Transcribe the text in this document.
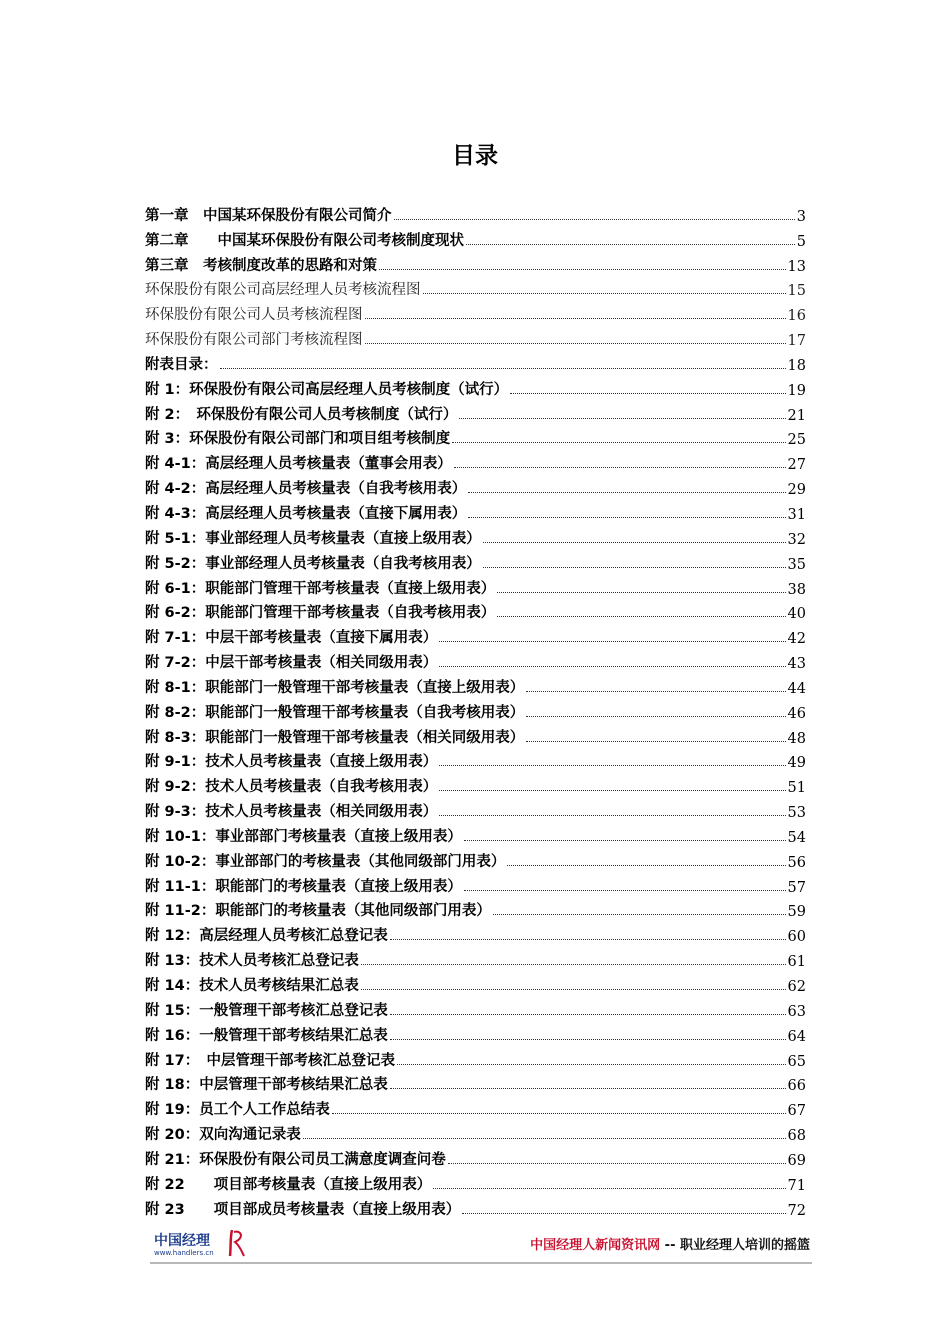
目录
第一章　中国某环保股份有限公司简介	3
第二章　　中国某环保股份有限公司考核制度现状	5
第三章　考核制度改革的思路和对策	13
环保股份有限公司高层经理人员考核流程图	15
环保股份有限公司人员考核流程图	16
环保股份有限公司部门考核流程图	17
附表目录：	18
附 1：环保股份有限公司高层经理人员考核制度（试行）	19
附 2：　环保股份有限公司人员考核制度（试行）	21
附 3：环保股份有限公司部门和项目组考核制度	25
附 4-1：高层经理人员考核量表（董事会用表）	27
附 4-2：高层经理人员考核量表（自我考核用表）	29
附 4-3：高层经理人员考核量表（直接下属用表）	31
附 5-1：事业部经理人员考核量表（直接上级用表）	32
附 5-2：事业部经理人员考核量表（自我考核用表）	35
附 6-1：职能部门管理干部考核量表（直接上级用表）	38
附 6-2：职能部门管理干部考核量表（自我考核用表）	40
附 7-1：中层干部考核量表（直接下属用表）	42
附 7-2：中层干部考核量表（相关同级用表）	43
附 8-1：职能部门一般管理干部考核量表（直接上级用表）	44
附 8-2：职能部门一般管理干部考核量表（自我考核用表）	46
附 8-3：职能部门一般管理干部考核量表（相关同级用表）	48
附 9-1：技术人员考核量表（直接上级用表）	49
附 9-2：技术人员考核量表（自我考核用表）	51
附 9-3：技术人员考核量表（相关同级用表）	53
附 10-1：事业部部门考核量表（直接上级用表）	54
附 10-2：事业部部门的考核量表（其他同级部门用表）	56
附 11-1：职能部门的考核量表（直接上级用表）	57
附 11-2：职能部门的考核量表（其他同级部门用表）	59
附 12：高层经理人员考核汇总登记表	60
附 13：技术人员考核汇总登记表	61
附 14：技术人员考核结果汇总表	62
附 15：一般管理干部考核汇总登记表	63
附 16：一般管理干部考核结果汇总表	64
附 17：　中层管理干部考核汇总登记表	65
附 18：中层管理干部考核结果汇总表	66
附 19：员工个人工作总结表	67
附 20：双向沟通记录表	68
附 21：环保股份有限公司员工满意度调查问卷	69
附 22　　项目部考核量表（直接上级用表）	71
附 23　　项目部成员考核量表（直接上级用表）	72
中国经理
www.handlers.cn	中国经理人新闻资讯网 -- 职业经理人培训的摇篮
